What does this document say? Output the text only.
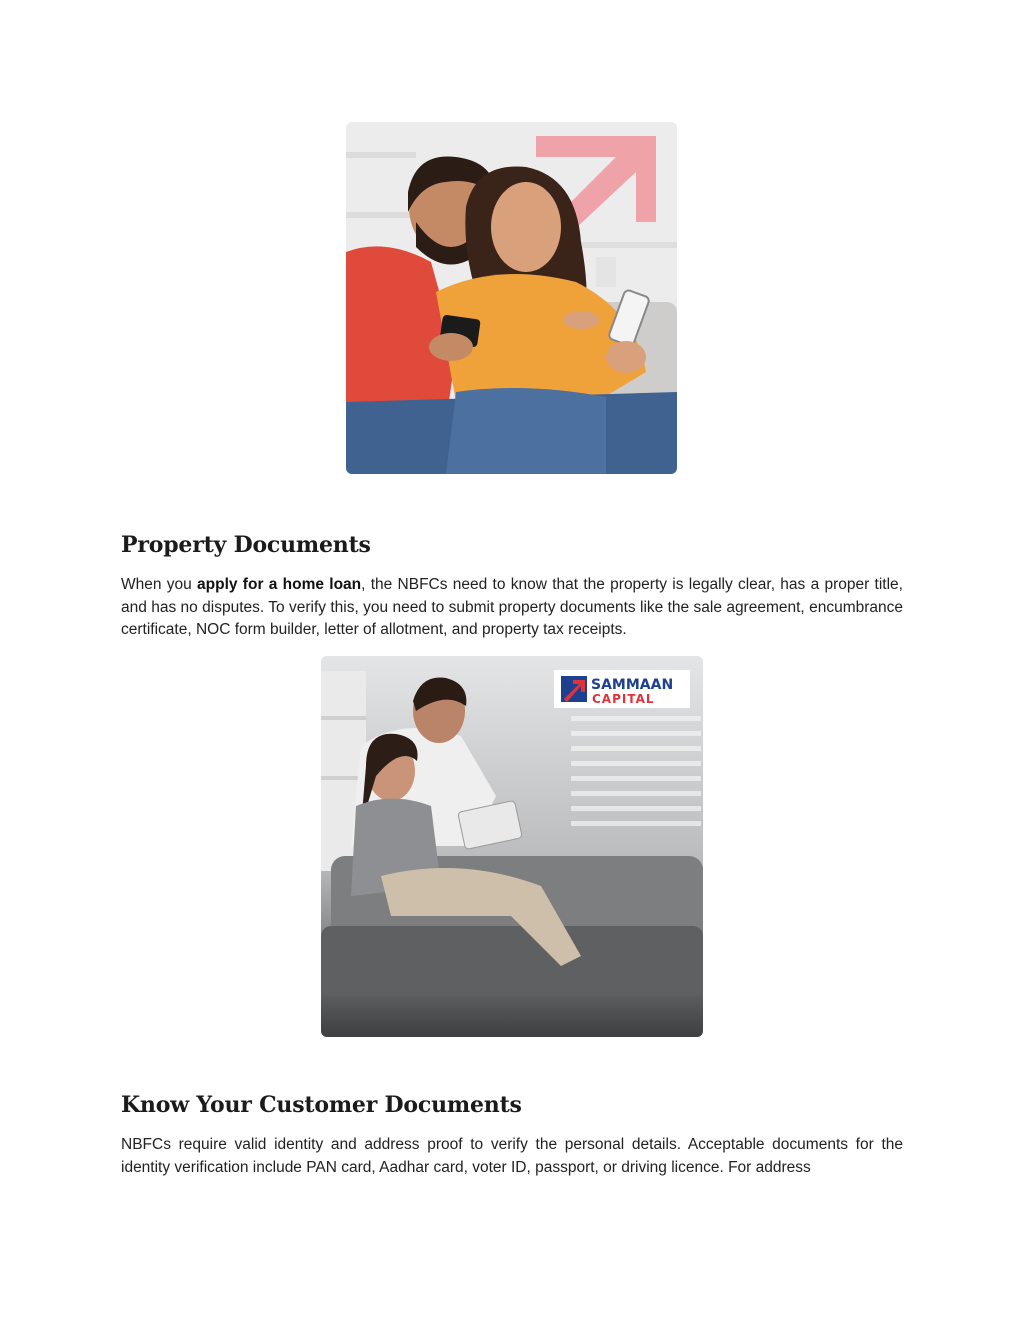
Property Documents

When you apply for a home loan, the NBFCs need to know that the property is legally clear, has a proper title, and has no disputes. To verify this, you need to submit property documents like the sale agreement, encumbrance certificate, NOC form builder, letter of allotment, and property tax receipts.

SAMMAAN
CAPITAL
Know Your Customer Documents

NBFCs require valid identity and address proof to verify the personal details. Acceptable documents for the identity verification include PAN card, Aadhar card, voter ID, passport, or driving licence. For address
